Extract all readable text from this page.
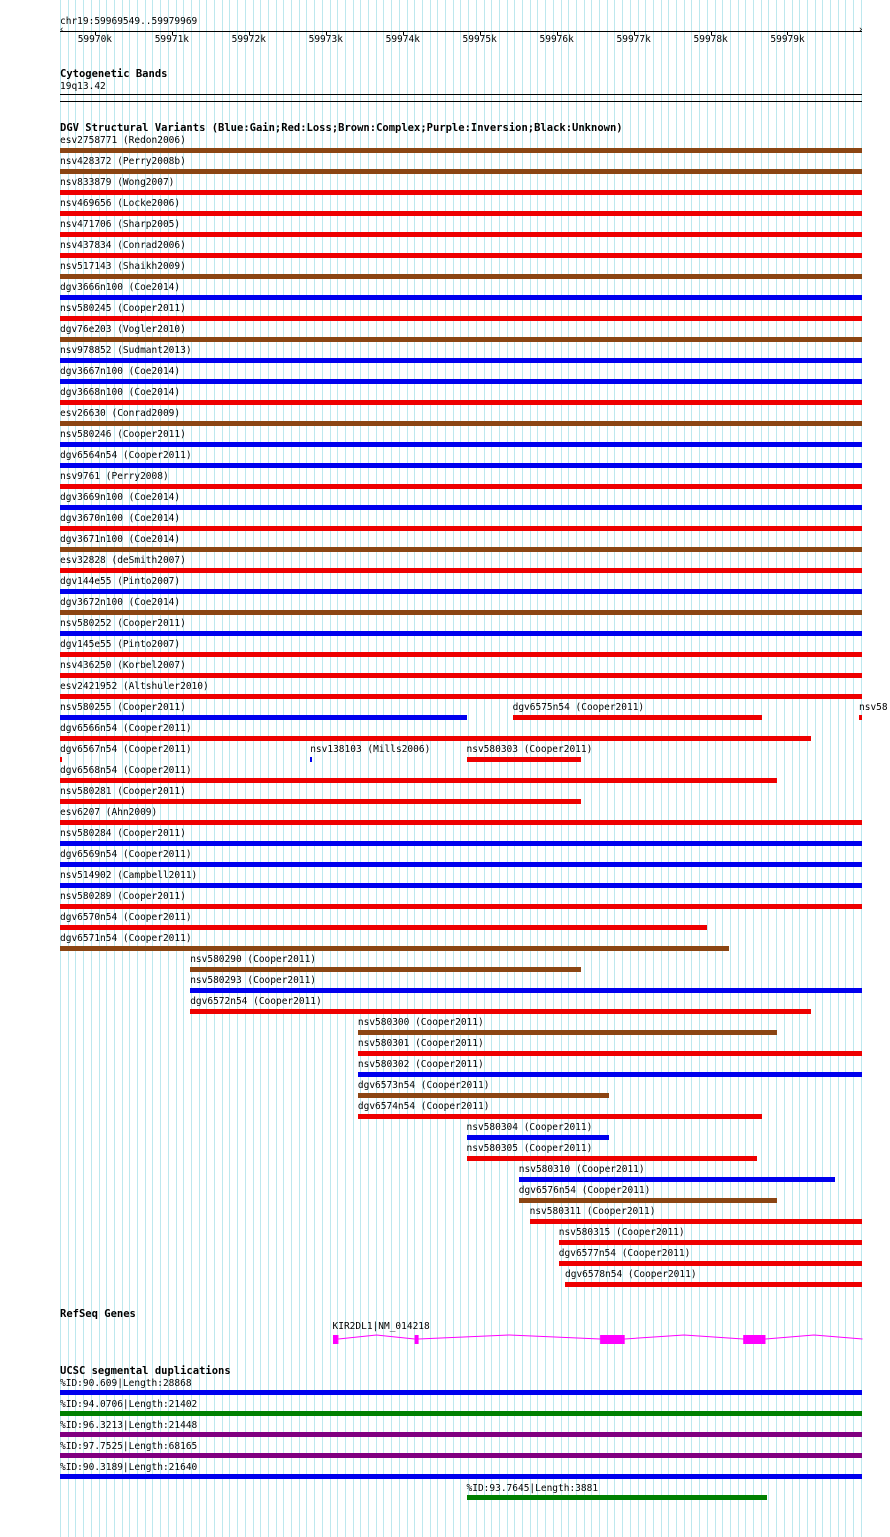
chr19:59969549..59979969
‹	›
59970k	59971k	59972k	59973k	59974k	59975k	59976k	59977k	59978k	59979k
Cytogenetic Bands
19q13.42
DGV Structural Variants (Blue:Gain;Red:Loss;Brown:Complex;Purple:Inversion;Black:Unknown)
esv2758771 (Redon2006)
nsv428372 (Perry2008b)
nsv833879 (Wong2007)
nsv469656 (Locke2006)
nsv471706 (Sharp2005)
nsv437834 (Conrad2006)
nsv517143 (Shaikh2009)
dgv3666n100 (Coe2014)
nsv580245 (Cooper2011)
dgv76e203 (Vogler2010)
nsv978852 (Sudmant2013)
dgv3667n100 (Coe2014)
dgv3668n100 (Coe2014)
esv26630 (Conrad2009)
nsv580246 (Cooper2011)
dgv6564n54 (Cooper2011)
nsv9761 (Perry2008)
dgv3669n100 (Coe2014)
dgv3670n100 (Coe2014)
dgv3671n100 (Coe2014)
esv32828 (deSmith2007)
dgv144e55 (Pinto2007)
dgv3672n100 (Coe2014)
nsv580252 (Cooper2011)
dgv145e55 (Pinto2007)
nsv436250 (Korbel2007)
esv2421952 (Altshuler2010)
nsv580255 (Cooper2011)	dgv6575n54 (Cooper2011)	nsv58
dgv6566n54 (Cooper2011)
dgv6567n54 (Cooper2011)	nsv138103 (Mills2006)	nsv580303 (Cooper2011)
dgv6568n54 (Cooper2011)
nsv580281 (Cooper2011)
esv6207 (Ahn2009)
nsv580284 (Cooper2011)
dgv6569n54 (Cooper2011)
nsv514902 (Campbell2011)
nsv580289 (Cooper2011)
dgv6570n54 (Cooper2011)
dgv6571n54 (Cooper2011)
nsv580290 (Cooper2011)
nsv580293 (Cooper2011)
dgv6572n54 (Cooper2011)
nsv580300 (Cooper2011)
nsv580301 (Cooper2011)
nsv580302 (Cooper2011)
dgv6573n54 (Cooper2011)
dgv6574n54 (Cooper2011)
nsv580304 (Cooper2011)
nsv580305 (Cooper2011)
nsv580310 (Cooper2011)
dgv6576n54 (Cooper2011)
nsv580311 (Cooper2011)
nsv580315 (Cooper2011)
dgv6577n54 (Cooper2011)
dgv6578n54 (Cooper2011)
RefSeq Genes
KIR2DL1|NM_014218
UCSC segmental duplications
%ID:90.609|Length:28868
%ID:94.0706|Length:21402
%ID:96.3213|Length:21448
%ID:97.7525|Length:68165
%ID:90.3189|Length:21640
%ID:93.7645|Length:3881
